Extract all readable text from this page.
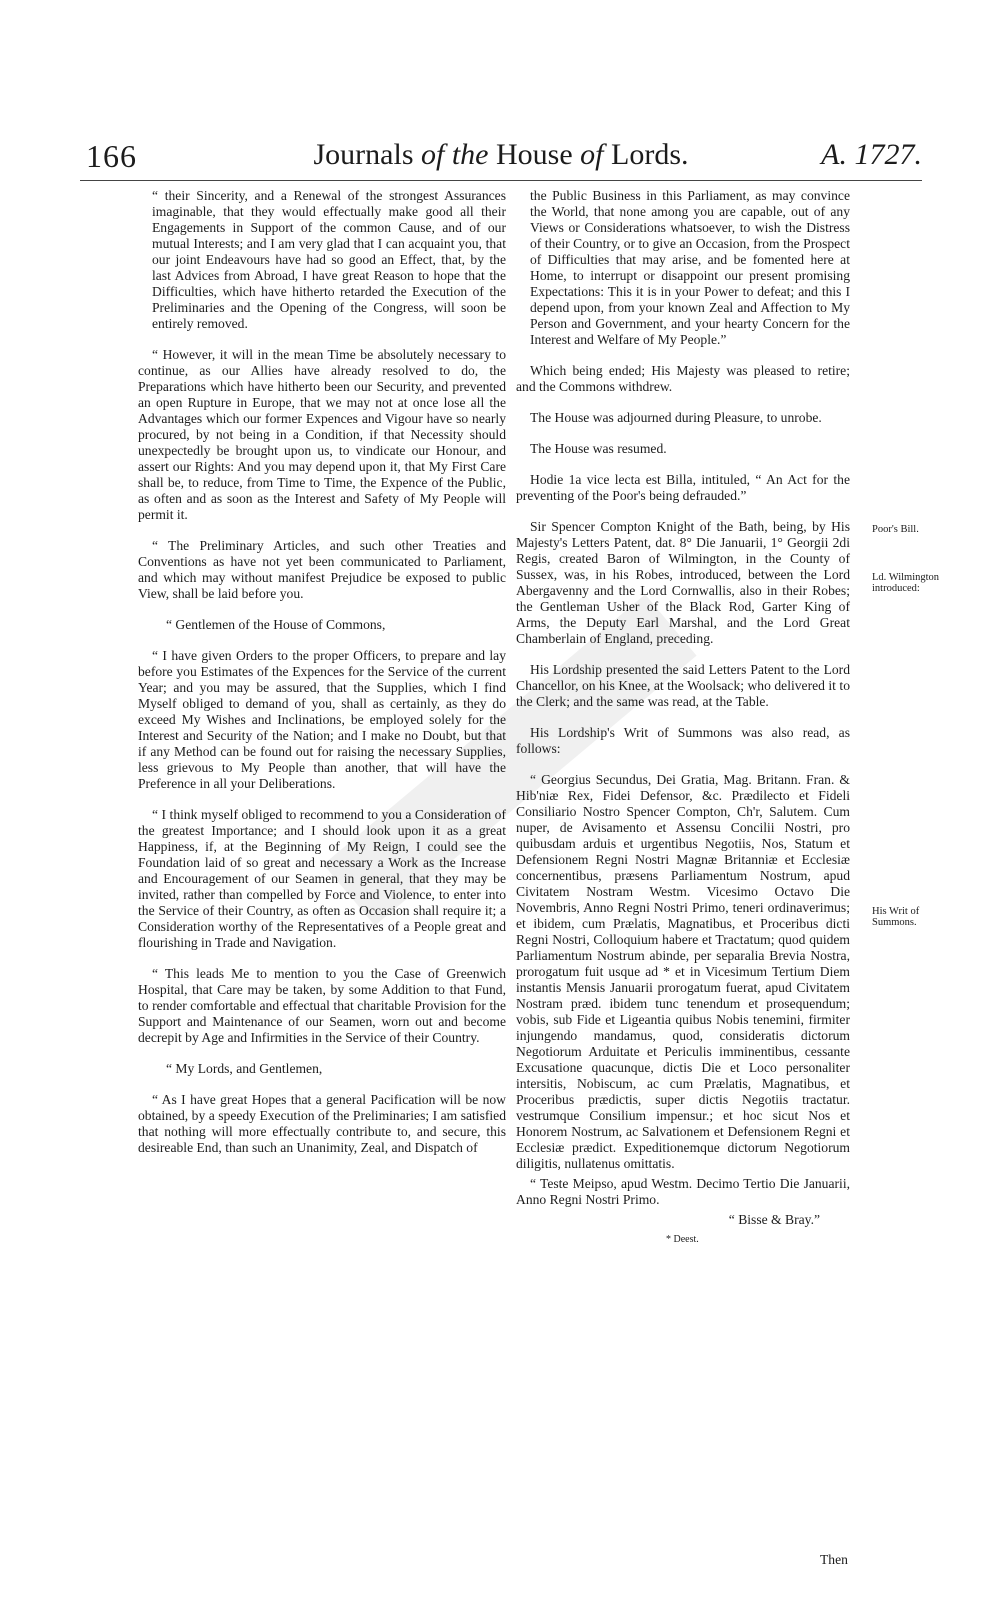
166	Journals of the House of Lords.	A. 1727.

“ their Sincerity, and a Renewal of the strongest Assurances imaginable, that they would effectually make good all their Engagements in Support of the common Cause, and of our mutual Interests; and I am very glad that I can acquaint you, that our joint Endeavours have had so good an Effect, that, by the last Advices from Abroad, I have great Reason to hope that the Difficulties, which have hitherto retarded the Execution of the Preliminaries and the Opening of the Congress, will soon be entirely removed.

“ However, it will in the mean Time be absolutely necessary to continue, as our Allies have already resolved to do, the Preparations which have hitherto been our Security, and prevented an open Rupture in Europe, that we may not at once lose all the Advantages which our former Expences and Vigour have so nearly procured, by not being in a Condition, if that Necessity should unexpectedly be brought upon us, to vindicate our Honour, and assert our Rights: And you may depend upon it, that My First Care shall be, to reduce, from Time to Time, the Expence of the Public, as often and as soon as the Interest and Safety of My People will permit it.

“ The Preliminary Articles, and such other Treaties and Conventions as have not yet been communicated to Parliament, and which may without manifest Prejudice be exposed to public View, shall be laid before you.

“ Gentlemen of the House of Commons,

“ I have given Orders to the proper Officers, to prepare and lay before you Estimates of the Expences for the Service of the current Year; and you may be assured, that the Supplies, which I find Myself obliged to demand of you, shall as certainly, as they do exceed My Wishes and Inclinations, be employed solely for the Interest and Security of the Nation; and I make no Doubt, but that if any Method can be found out for raising the necessary Supplies, less grievous to My People than another, that will have the Preference in all your Deliberations.

“ I think myself obliged to recommend to you a Consideration of the greatest Importance; and I should look upon it as a great Happiness, if, at the Beginning of My Reign, I could see the Foundation laid of so great and necessary a Work as the Increase and Encouragement of our Seamen in general, that they may be invited, rather than compelled by Force and Violence, to enter into the Service of their Country, as often as Occasion shall require it; a Consideration worthy of the Representatives of a People great and flourishing in Trade and Navigation.

“ This leads Me to mention to you the Case of Greenwich Hospital, that Care may be taken, by some Addition to that Fund, to render comfortable and effectual that charitable Provision for the Support and Maintenance of our Seamen, worn out and become decrepit by Age and Infirmities in the Service of their Country.

“ My Lords, and Gentlemen,

“ As I have great Hopes that a general Pacification will be now obtained, by a speedy Execution of the Preliminaries; I am satisfied that nothing will more effectually contribute to, and secure, this desireable End, than such an Unanimity, Zeal, and Dispatch of

the Public Business in this Parliament, as may convince the World, that none among you are capable, out of any Views or Considerations whatsoever, to wish the Distress of their Country, or to give an Occasion, from the Prospect of Difficulties that may arise, and be fomented here at Home, to interrupt or disappoint our present promising Expectations: This it is in your Power to defeat; and this I depend upon, from your known Zeal and Affection to My Person and Government, and your hearty Concern for the Interest and Welfare of My People.”

Which being ended; His Majesty was pleased to retire; and the Commons withdrew.

The House was adjourned during Pleasure, to unrobe.

The House was resumed.

Hodie 1a vice lecta est Billa, intituled, “ An Act for the preventing of the Poor's being defrauded.”

Sir Spencer Compton Knight of the Bath, being, by His Majesty's Letters Patent, dat. 8° Die Januarii, 1° Georgii 2di Regis, created Baron of Wilmington, in the County of Sussex, was, in his Robes, introduced, between the Lord Abergavenny and the Lord Cornwallis, also in their Robes; the Gentleman Usher of the Black Rod, Garter King of Arms, the Deputy Earl Marshal, and the Lord Great Chamberlain of England, preceding.

His Lordship presented the said Letters Patent to the Lord Chancellor, on his Knee, at the Woolsack; who delivered it to the Clerk; and the same was read, at the Table.

His Lordship's Writ of Summons was also read, as follows:

“ Georgius Secundus, Dei Gratia, Mag. Britann. Fran. & Hib'niæ Rex, Fidei Defensor, &c. Prædilecto et Fideli Consiliario Nostro Spencer Compton, Ch'r, Salutem. Cum nuper, de Avisamento et Assensu Concilii Nostri, pro quibusdam arduis et urgentibus Negotiis, Nos, Statum et Defensionem Regni Nostri Magnæ Britanniæ et Ecclesiæ concernentibus, præsens Parliamentum Nostrum, apud Civitatem Nostram Westm. Vicesimo Octavo Die Novembris, Anno Regni Nostri Primo, teneri ordinaverimus; et ibidem, cum Prælatis, Magnatibus, et Proceribus dicti Regni Nostri, Colloquium habere et Tractatum; quod quidem Parliamentum Nostrum abinde, per separalia Brevia Nostra, prorogatum fuit usque ad * et in Vicesimum Tertium Diem instantis Mensis Januarii prorogatum fuerat, apud Civitatem Nostram præd. ibidem tunc tenendum et prosequendum; vobis, sub Fide et Ligeantia quibus Nobis tenemini, firmiter injungendo mandamus, quod, consideratis dictorum Negotiorum Arduitate et Periculis imminentibus, cessante Excusatione quacunque, dictis Die et Loco personaliter intersitis, Nobiscum, ac cum Prælatis, Magnatibus, et Proceribus prædictis, super dictis Negotiis tractatur. vestrumque Consilium impensur.; et hoc sicut Nos et Honorem Nostrum, ac Salvationem et Defensionem Regni et Ecclesiæ prædict. Expeditionemque dictorum Negotiorum diligitis, nullatenus omittatis.

“ Teste Meipso, apud Westm. Decimo Tertio Die Januarii, Anno Regni Nostri Primo.

“ Bisse & Bray.”

* Deest.

Poor's Bill.
Ld. Wilmington introduced:
His Writ of Summons.
Then
